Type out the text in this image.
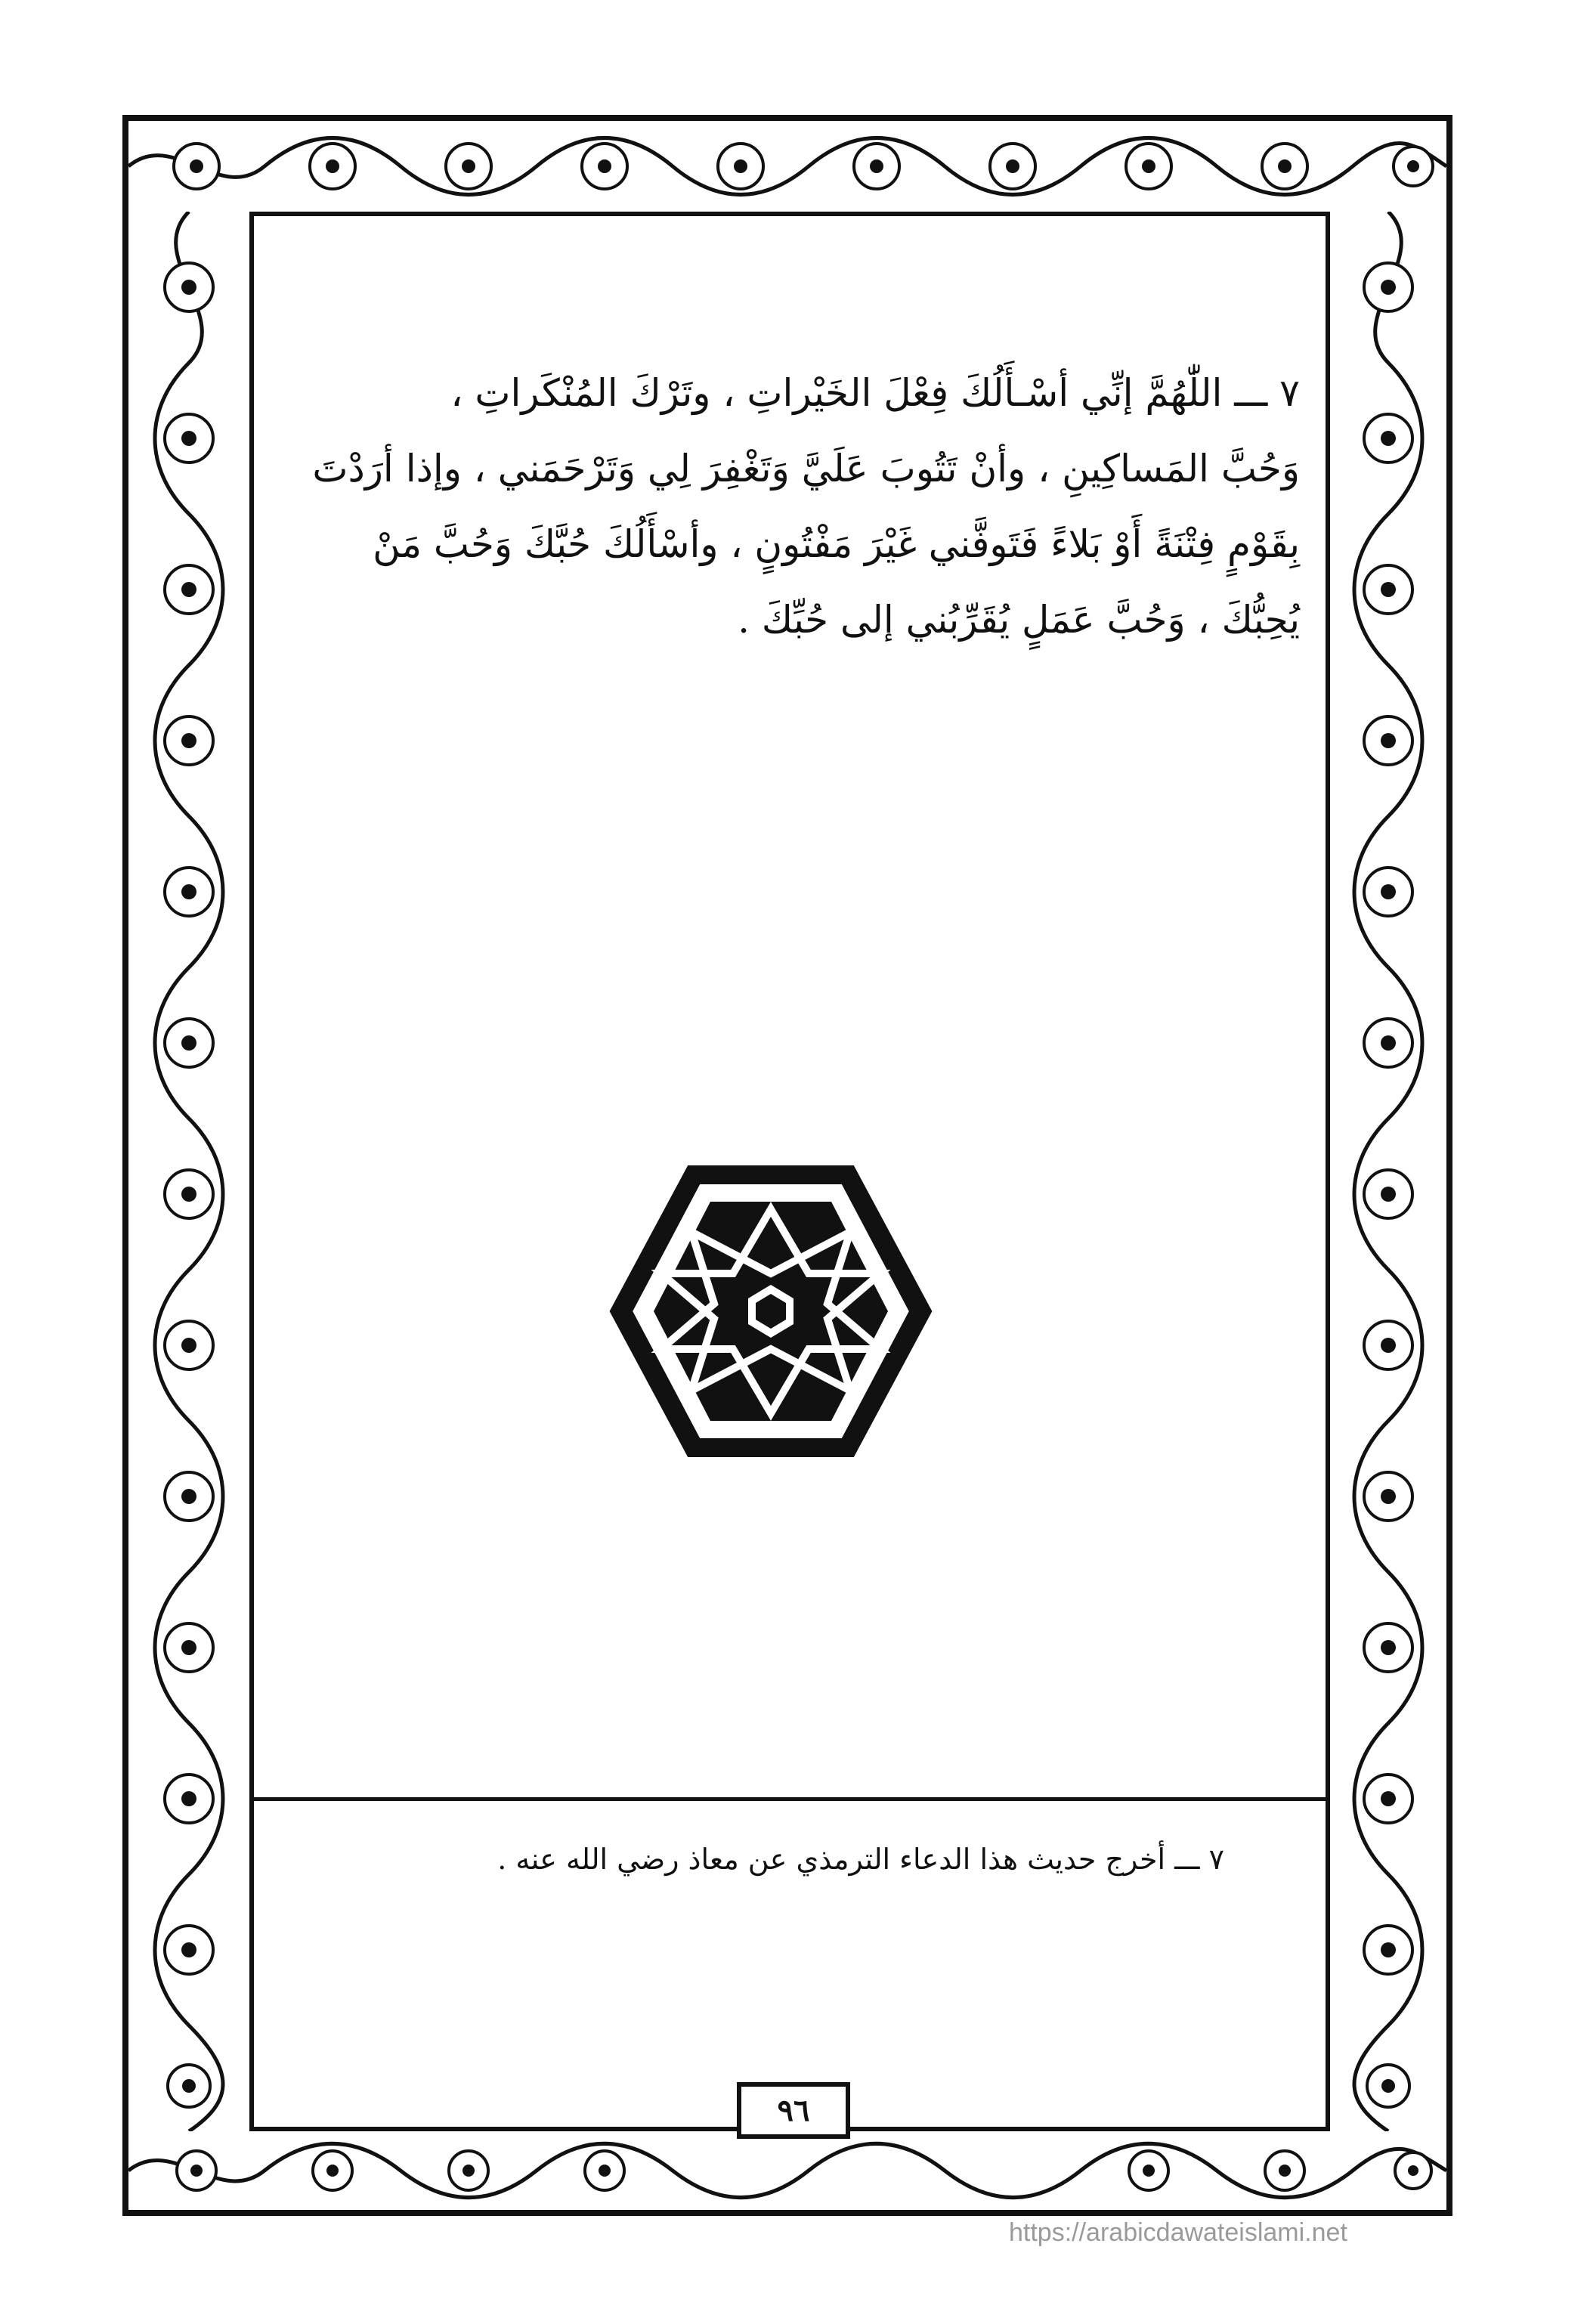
٧ ـــ اللّٰهُمَّ إنِّي أسْـأَلُكَ فِعْلَ الخَيْراتِ ، وتَرْكَ المُنْكَراتِ ،

وَحُبَّ المَساكِينِ ، وأنْ تَتُوبَ عَلَيَّ وَتَغْفِرَ لِي وَتَرْحَمَني ، وإذا أرَدْتَ

بِقَوْمٍ فِتْنَةً أَوْ بَلاءً فَتَوفَّني غَيْرَ مَفْتُونٍ ، وأسْأَلُكَ حُبَّكَ وَحُبَّ مَنْ

يُحِبُّكَ ، وَحُبَّ عَمَلٍ يُقَرِّبُني إلى حُبِّكَ .

٧ ـــ أخرج حديث هذا الدعاء الترمذي عن معاذ رضي الله عنه .
٩٦
https://arabicdawateislami.net
